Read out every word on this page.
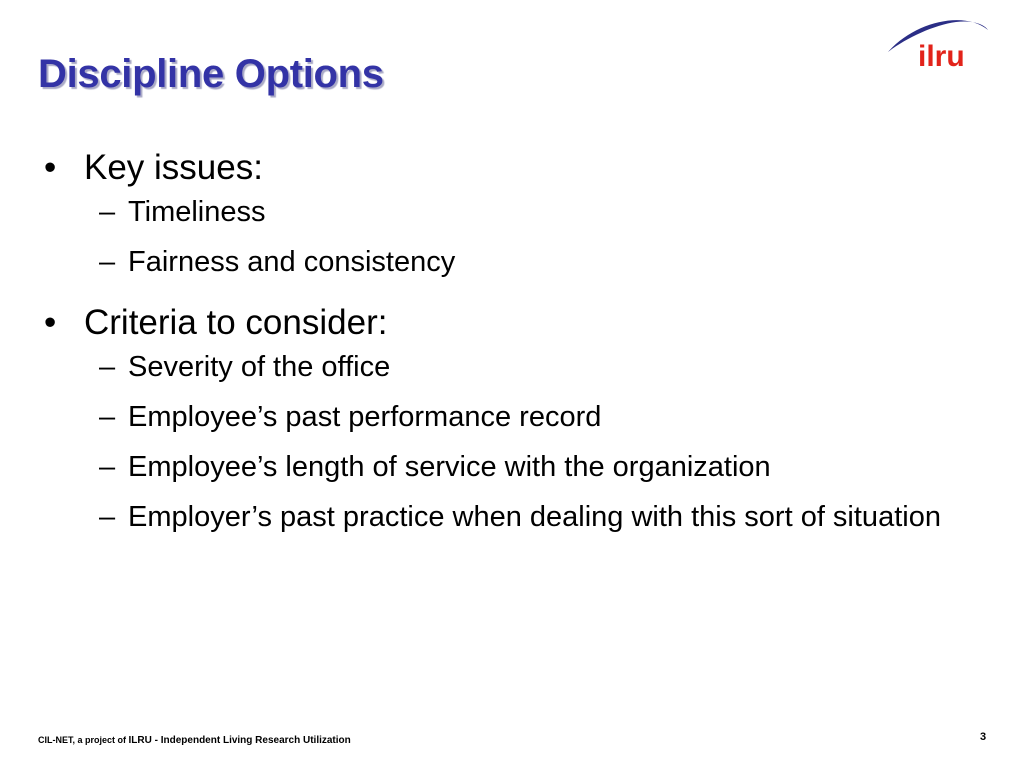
Discipline Options	ilru
• Key issues:
– Timeliness
– Fairness and consistency
• Criteria to consider:
– Severity of the office
– Employee’s past performance record
– Employee’s length of service with the organization
– Employer’s past practice when dealing with this sort of situation
CIL-NET, a project of ILRU - Independent Living Research Utilization	3
